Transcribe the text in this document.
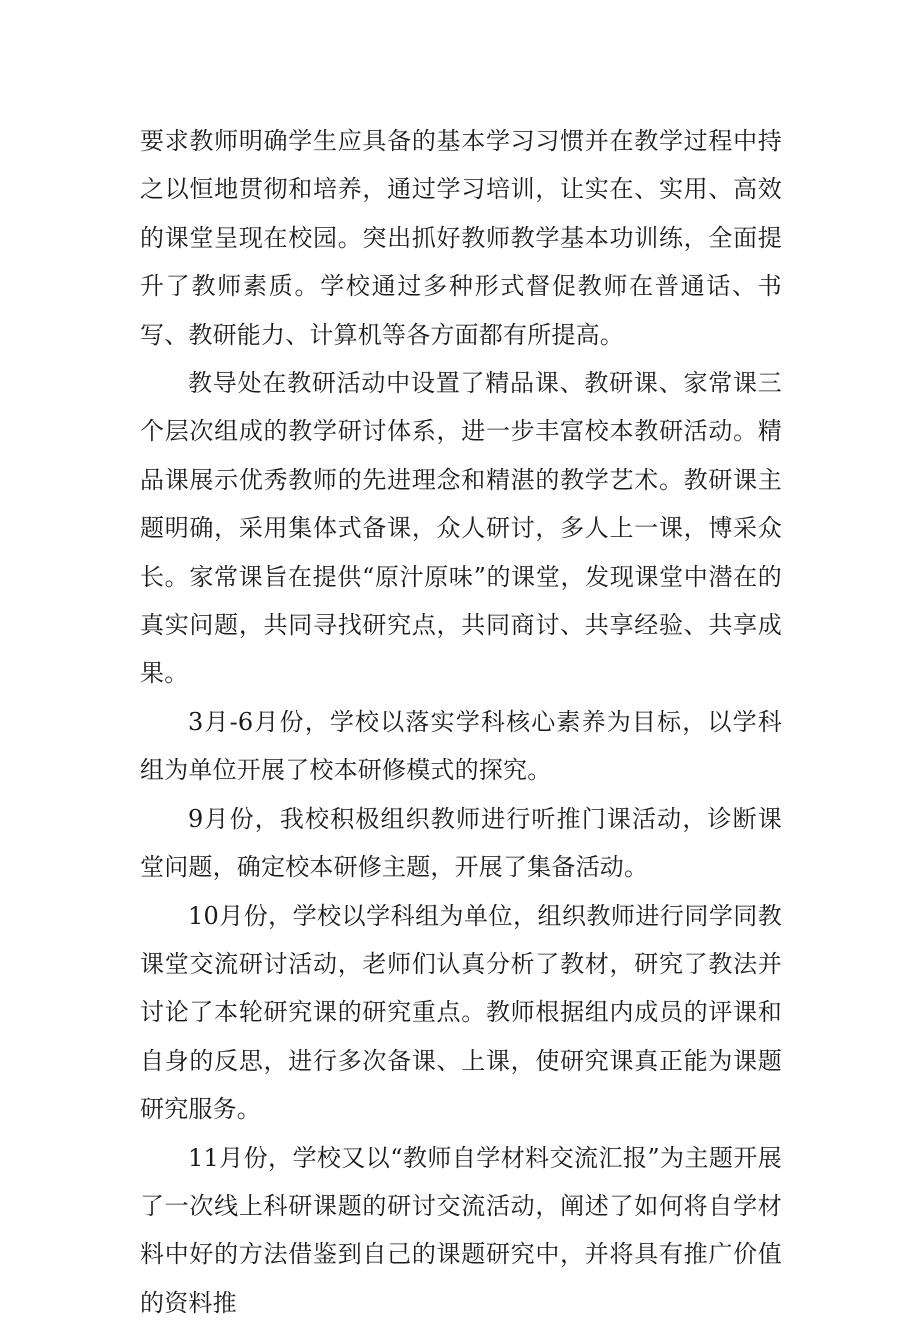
要求教师明确学生应具备的基本学习习惯并在教学过程中持之以恒地贯彻和培养，通过学习培训，让实在、实用、高效的课堂呈现在校园。突出抓好教师教学基本功训练，全面提升了教师素质。学校通过多种形式督促教师在普通话、书写、教研能力、计算机等各方面都有所提高。

教导处在教研活动中设置了精品课、教研课、家常课三个层次组成的教学研讨体系，进一步丰富校本教研活动。精品课展示优秀教师的先进理念和精湛的教学艺术。教研课主题明确，采用集体式备课，众人研讨，多人上一课，博采众长。家常课旨在提供“原汁原味”的课堂，发现课堂中潜在的真实问题，共同寻找研究点，共同商讨、共享经验、共享成果。

3月-6月份，学校以落实学科核心素养为目标，以学科组为单位开展了校本研修模式的探究。

9月份，我校积极组织教师进行听推门课活动，诊断课堂问题，确定校本研修主题，开展了集备活动。

10月份，学校以学科组为单位，组织教师进行同学同教课堂交流研讨活动，老师们认真分析了教材，研究了教法并讨论了本轮研究课的研究重点。教师根据组内成员的评课和自身的反思，进行多次备课、上课，使研究课真正能为课题研究服务。

11月份，学校又以“教师自学材料交流汇报”为主题开展了一次线上科研课题的研讨交流活动，阐述了如何将自学材料中好的方法借鉴到自己的课题研究中，并将具有推广价值的资料推
